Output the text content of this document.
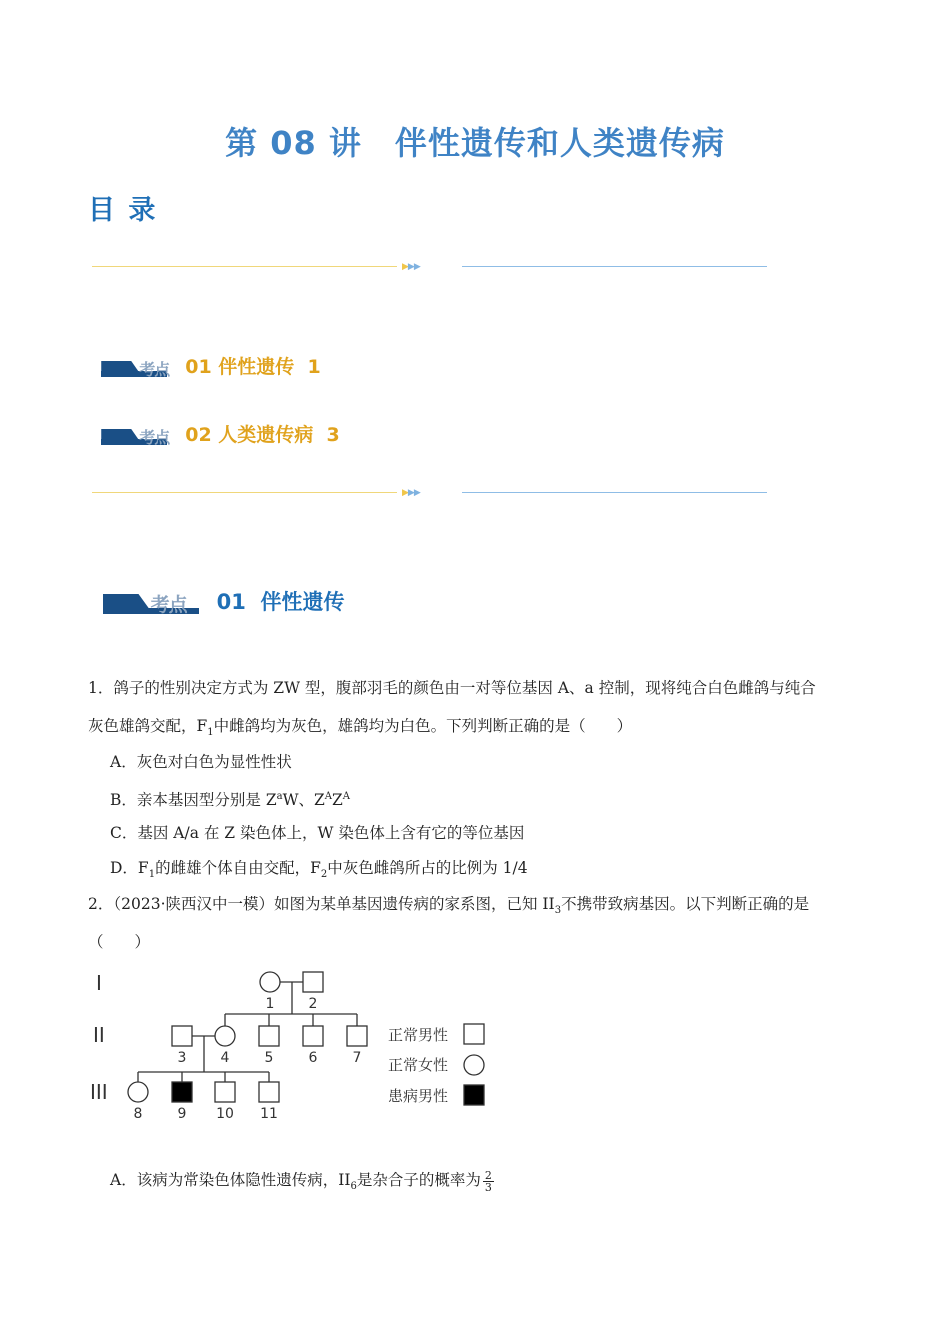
第 08 讲　伴性遗传和人类遗传病
目 录
▶▶▶

考点 01 伴性遗传 1

考点 02 人类遗传病 3

▶▶▶

考点 01 伴性遗传

1．鸽子的性别决定方式为 ZW 型，腹部羽毛的颜色由一对等位基因 A、a 控制，现将纯合白色雌鸽与纯合
灰色雄鸽交配，$F_1$中雌鸽均为灰色，雄鸽均为白色。下列判断正确的是（　　）
A．灰色对白色为显性性状
B．亲本基因型分别是 $Z^aW$、$Z^AZ^A$
C．基因 A/a 在 Z 染色体上，W 染色体上含有它的等位基因
D．$F_1$的雌雄个体自由交配，$F_2$中灰色雌鸽所占的比例为 1/4
2．（2023·陕西汉中一模）如图为某单基因遗传病的家系图，已知 $II_3$不携带致病基因。以下判断正确的是
（　　）
I
II
III
1 2
3 4	5	6	7
8	9 10 11
正常男性
正常女性
患病男性
A．该病为常染色体隐性遗传病，$II_6$是杂合子的概率为 $\frac{2}{3}$
